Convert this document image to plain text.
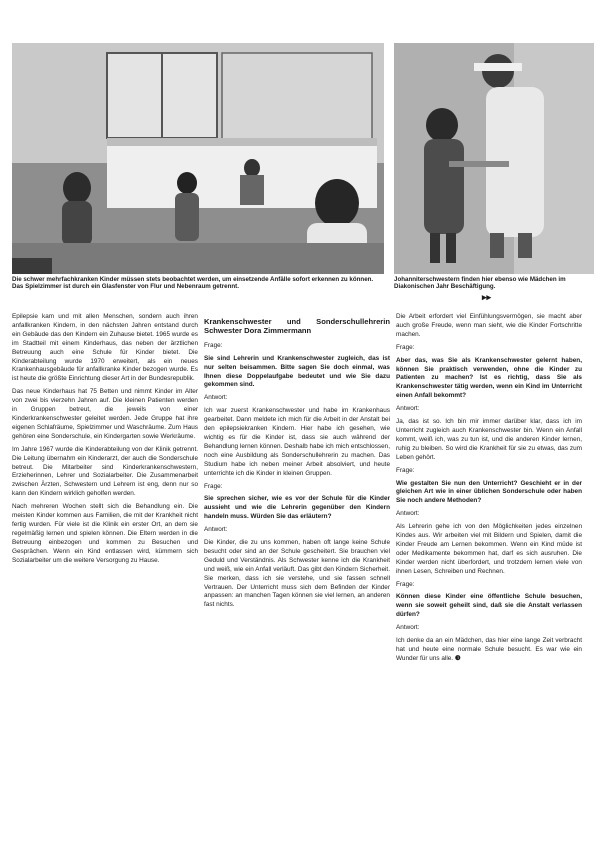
Die schwer mehrfachkranken Kinder müssen stets beobachtet werden, um einsetzende Anfälle sofort erkennen zu können. Das Spielzimmer ist durch ein Glasfenster von Flur und Nebenraum getrennt.
Johanniterschwestern finden hier ebenso wie Mädchen im Diakonischen Jahr Beschäftigung.
▸▸

Epilepsie kam und mit allen Menschen, sondern auch ihren anfallkranken Kindern, in den nächsten Jahren entstand durch ein Gebäude das den Kindern ein Zuhause bietet. 1965 wurde es im Stadtteil mit einem Kinderhaus, das neben der ärztlichen Betreuung auch eine Schule für Kinder bietet. Die Kinderabteilung wurde 1970 erweitert, als ein neues Krankenhausgebäude für anfallkranke Kinder bezogen wurde. Es ist heute die größte Einrichtung dieser Art in der Bundesrepublik.

Das neue Kinderhaus hat 75 Betten und nimmt Kinder im Alter von zwei bis vierzehn Jahren auf. Die kleinen Patienten werden in Gruppen betreut, die jeweils von einer Kinderkrankenschwester geleitet werden. Jede Gruppe hat ihre eigenen Schlafräume, Spielzimmer und Waschräume. Zum Haus gehören eine Sonderschule, ein Kindergarten sowie Werkräume.

Im Jahre 1967 wurde die Kinderabteilung von der Klinik getrennt. Die Leitung übernahm ein Kinderarzt, der auch die Sonderschule betreut. Die Mitarbeiter sind Kinderkrankenschwestern, Erzieherinnen, Lehrer und Sozialarbeiter. Die Zusammenarbeit zwischen Ärzten, Schwestern und Lehrern ist eng, denn nur so kann den Kindern wirklich geholfen werden.

Nach mehreren Wochen stellt sich die Behandlung ein. Die meisten Kinder kommen aus Familien, die mit der Krankheit nicht fertig wurden. Für viele ist die Klinik ein erster Ort, an dem sie regelmäßig lernen und spielen können. Die Eltern werden in die Betreuung einbezogen und kommen zu Besuchen und Gesprächen. Wenn ein Kind entlassen wird, kümmern sich Sozialarbeiter um die weitere Versorgung zu Hause.

Krankenschwester und Sonderschullehrerin Schwester Dora Zimmermann

Frage:

Sie sind Lehrerin und Krankenschwester zugleich, das ist nur selten beisammen. Bitte sagen Sie doch einmal, was Ihnen diese Doppelaufgabe bedeutet und wie Sie dazu gekommen sind.

Antwort:

Ich war zuerst Krankenschwester und habe im Krankenhaus gearbeitet. Dann meldete ich mich für die Arbeit in der Anstalt bei den epilepsiekranken Kindern. Hier habe ich gesehen, wie wichtig es für die Kinder ist, dass sie auch während der Behandlung lernen können. Deshalb habe ich mich entschlossen, noch eine Ausbildung als Sonderschullehrerin zu machen. Das Studium habe ich neben meiner Arbeit absolviert, und heute unterrichte ich die Kinder in kleinen Gruppen.

Frage:

Sie sprechen sicher, wie es vor der Schule für die Kinder aussieht und wie die Lehrerin gegenüber den Kindern handeln muss. Würden Sie das erläutern?

Antwort:

Die Kinder, die zu uns kommen, haben oft lange keine Schule besucht oder sind an der Schule gescheitert. Sie brauchen viel Geduld und Verständnis. Als Schwester kenne ich die Krankheit und weiß, wie ein Anfall verläuft. Das gibt den Kindern Sicherheit. Sie merken, dass ich sie verstehe, und sie fassen schnell Vertrauen. Der Unterricht muss sich dem Befinden der Kinder anpassen: an manchen Tagen können sie viel lernen, an anderen fast nichts.

Die Arbeit erfordert viel Einfühlungsvermögen, sie macht aber auch große Freude, wenn man sieht, wie die Kinder Fortschritte machen.

Frage:

Aber das, was Sie als Krankenschwester gelernt haben, können Sie praktisch verwenden, ohne die Kinder zu Patienten zu machen? Ist es richtig, dass Sie als Krankenschwester tätig werden, wenn ein Kind im Unterricht einen Anfall bekommt?

Antwort:

Ja, das ist so. Ich bin mir immer darüber klar, dass ich im Unterricht zugleich auch Krankenschwester bin. Wenn ein Anfall kommt, weiß ich, was zu tun ist, und die anderen Kinder lernen, ruhig zu bleiben. So wird die Krankheit für sie zu etwas, das zum Leben gehört.

Frage:

Wie gestalten Sie nun den Unterricht? Geschieht er in der gleichen Art wie in einer üblichen Sonderschule oder haben Sie noch andere Methoden?

Antwort:

Als Lehrerin gehe ich von den Möglichkeiten jedes einzelnen Kindes aus. Wir arbeiten viel mit Bildern und Spielen, damit die Kinder Freude am Lernen bekommen. Wenn ein Kind müde ist oder Medikamente bekommen hat, darf es sich ausruhen. Die Kinder werden nicht überfordert, und trotzdem lernen viele von ihnen Lesen, Schreiben und Rechnen.

Frage:

Können diese Kinder eine öffentliche Schule besuchen, wenn sie soweit geheilt sind, daß sie die Anstalt verlassen dürfen?

Antwort:

Ich denke da an ein Mädchen, das hier eine lange Zeit verbracht hat und heute eine normale Schule besucht. Es war wie ein Wunder für uns alle. ❸
